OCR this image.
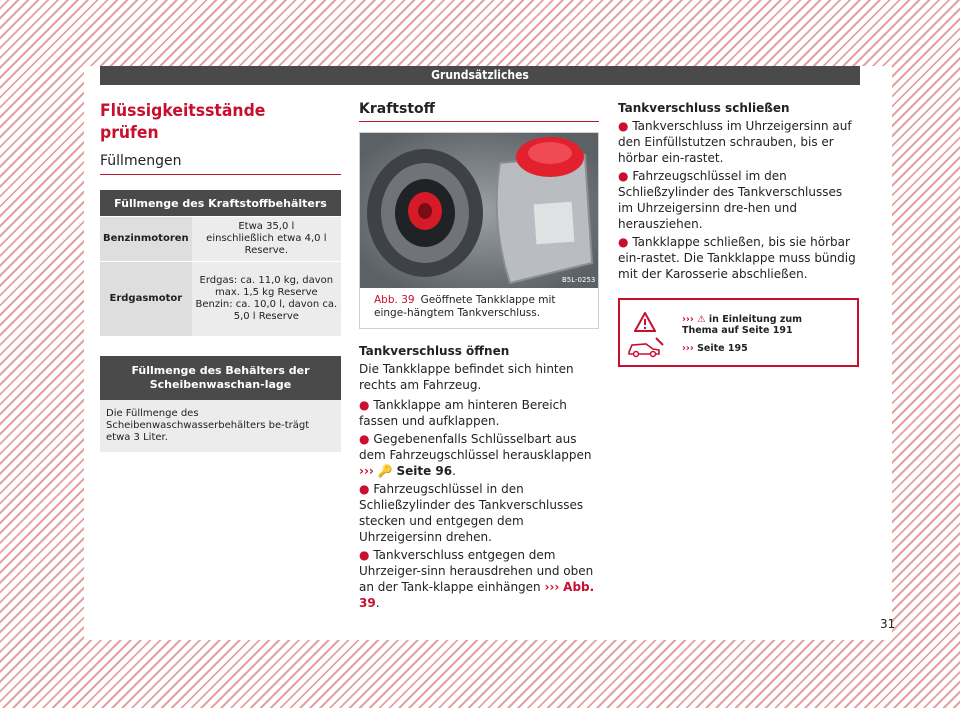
Grundsätzliches
Flüssigkeitsstände prüfen
Füllmengen
Füllmenge des Kraftstoffbehälters	
Benzinmotoren	Etwa 35,0 l
einschließlich etwa 4,0 l Reserve.
Erdgasmotor	Erdgas: ca. 11,0 kg, davon max. 1,5 kg Reserve
Benzin: ca. 10,0 l, davon ca. 5,0 l Reserve
Füllmenge des Behälters der Scheibenwaschan-lage
Die Füllmenge des Scheibenwaschwasserbehälters be-trägt etwa 3 Liter.
Kraftstoff
B5L-0253
Abb. 39 Geöffnete Tankklappe mit einge-hängtem Tankverschluss.
Tankverschluss öffnen

Die Tankklappe befindet sich hinten rechts am Fahrzeug.

● Tankklappe am hinteren Bereich fassen und aufklappen.

● Gegebenenfalls Schlüsselbart aus dem Fahrzeugschlüssel herausklappen
››› 🔑 Seite 96.

● Fahrzeugschlüssel in den Schließzylinder des Tankverschlusses stecken und entgegen dem Uhrzeigersinn drehen.

● Tankverschluss entgegen dem Uhrzeiger-sinn herausdrehen und oben an der Tank-klappe einhängen ››› Abb. 39.

Tankverschluss schließen

● Tankverschluss im Uhrzeigersinn auf den Einfüllstutzen schrauben, bis er hörbar ein-rastet.

● Fahrzeugschlüssel im den Schließzylinder des Tankverschlusses im Uhrzeigersinn dre-hen und herausziehen.

● Tankklappe schließen, bis sie hörbar ein-rastet. Die Tankklappe muss bündig mit der Karosserie abschließen.

››› ⚠ in Einleitung zum Thema auf Seite 191
››› Seite 195
31
